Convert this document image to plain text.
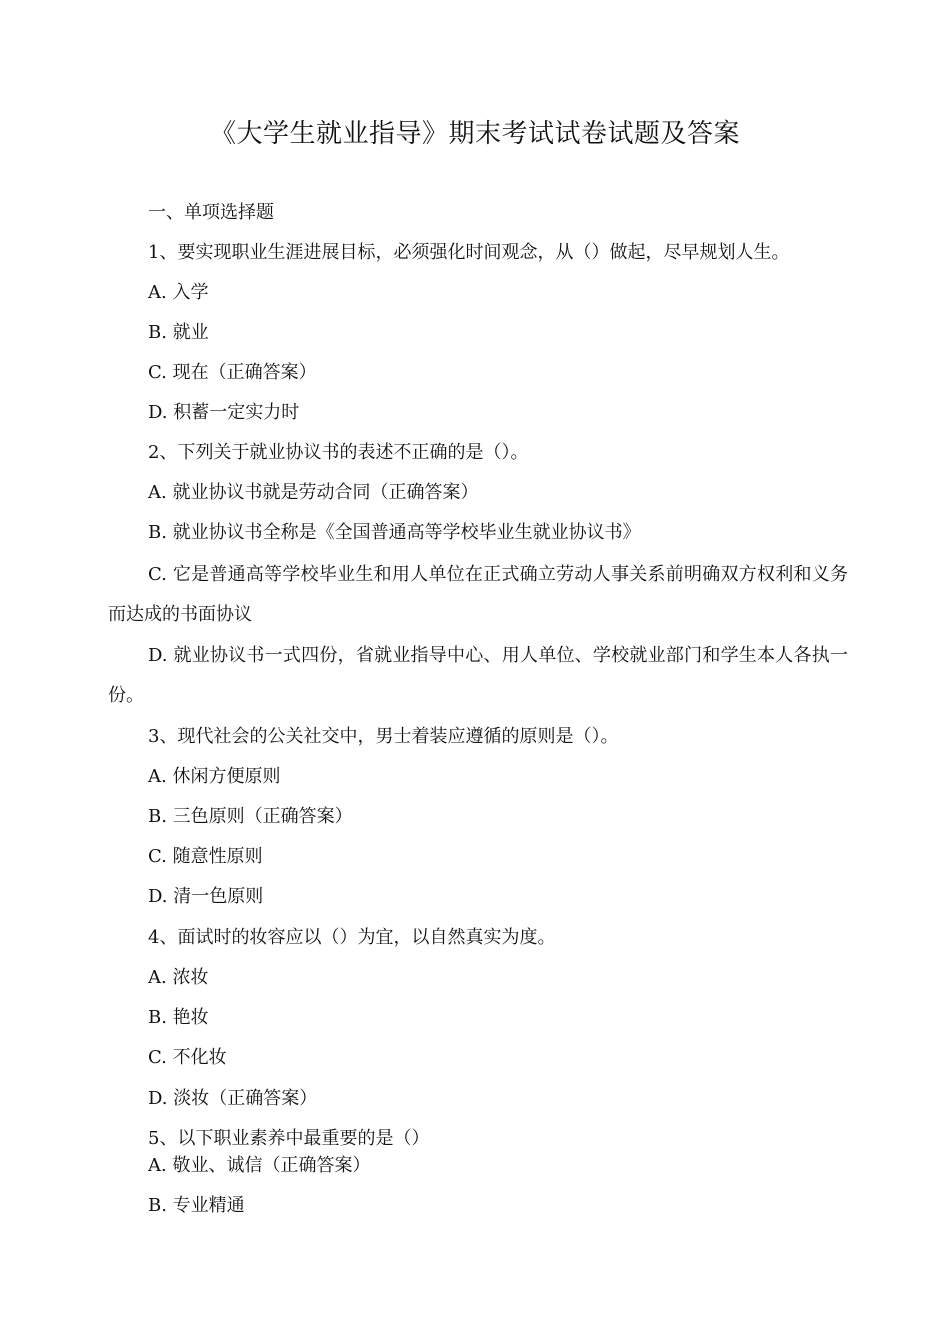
《大学生就业指导》期末考试试卷试题及答案
一、单项选择题
1、要实现职业生涯进展目标，必须强化时间观念，从（）做起，尽早规划人生。
A. 入学
B. 就业
C. 现在（正确答案）
D. 积蓄一定实力时
2、下列关于就业协议书的表述不正确的是（）。
A. 就业协议书就是劳动合同（正确答案）
B. 就业协议书全称是《全国普通高等学校毕业生就业协议书》
C. 它是普通高等学校毕业生和用人单位在正式确立劳动人事关系前明确双方权利和义务而达成的书面协议
D. 就业协议书一式四份，省就业指导中心、用人单位、学校就业部门和学生本人各执一份。
3、现代社会的公关社交中，男士着装应遵循的原则是（）。
A. 休闲方便原则
B. 三色原则（正确答案）
C. 随意性原则
D. 清一色原则
4、面试时的妆容应以（）为宜，以自然真实为度。
A. 浓妆
B. 艳妆
C. 不化妆
D. 淡妆（正确答案）
5、以下职业素养中最重要的是（）
A. 敬业、诚信（正确答案）
B. 专业精通
